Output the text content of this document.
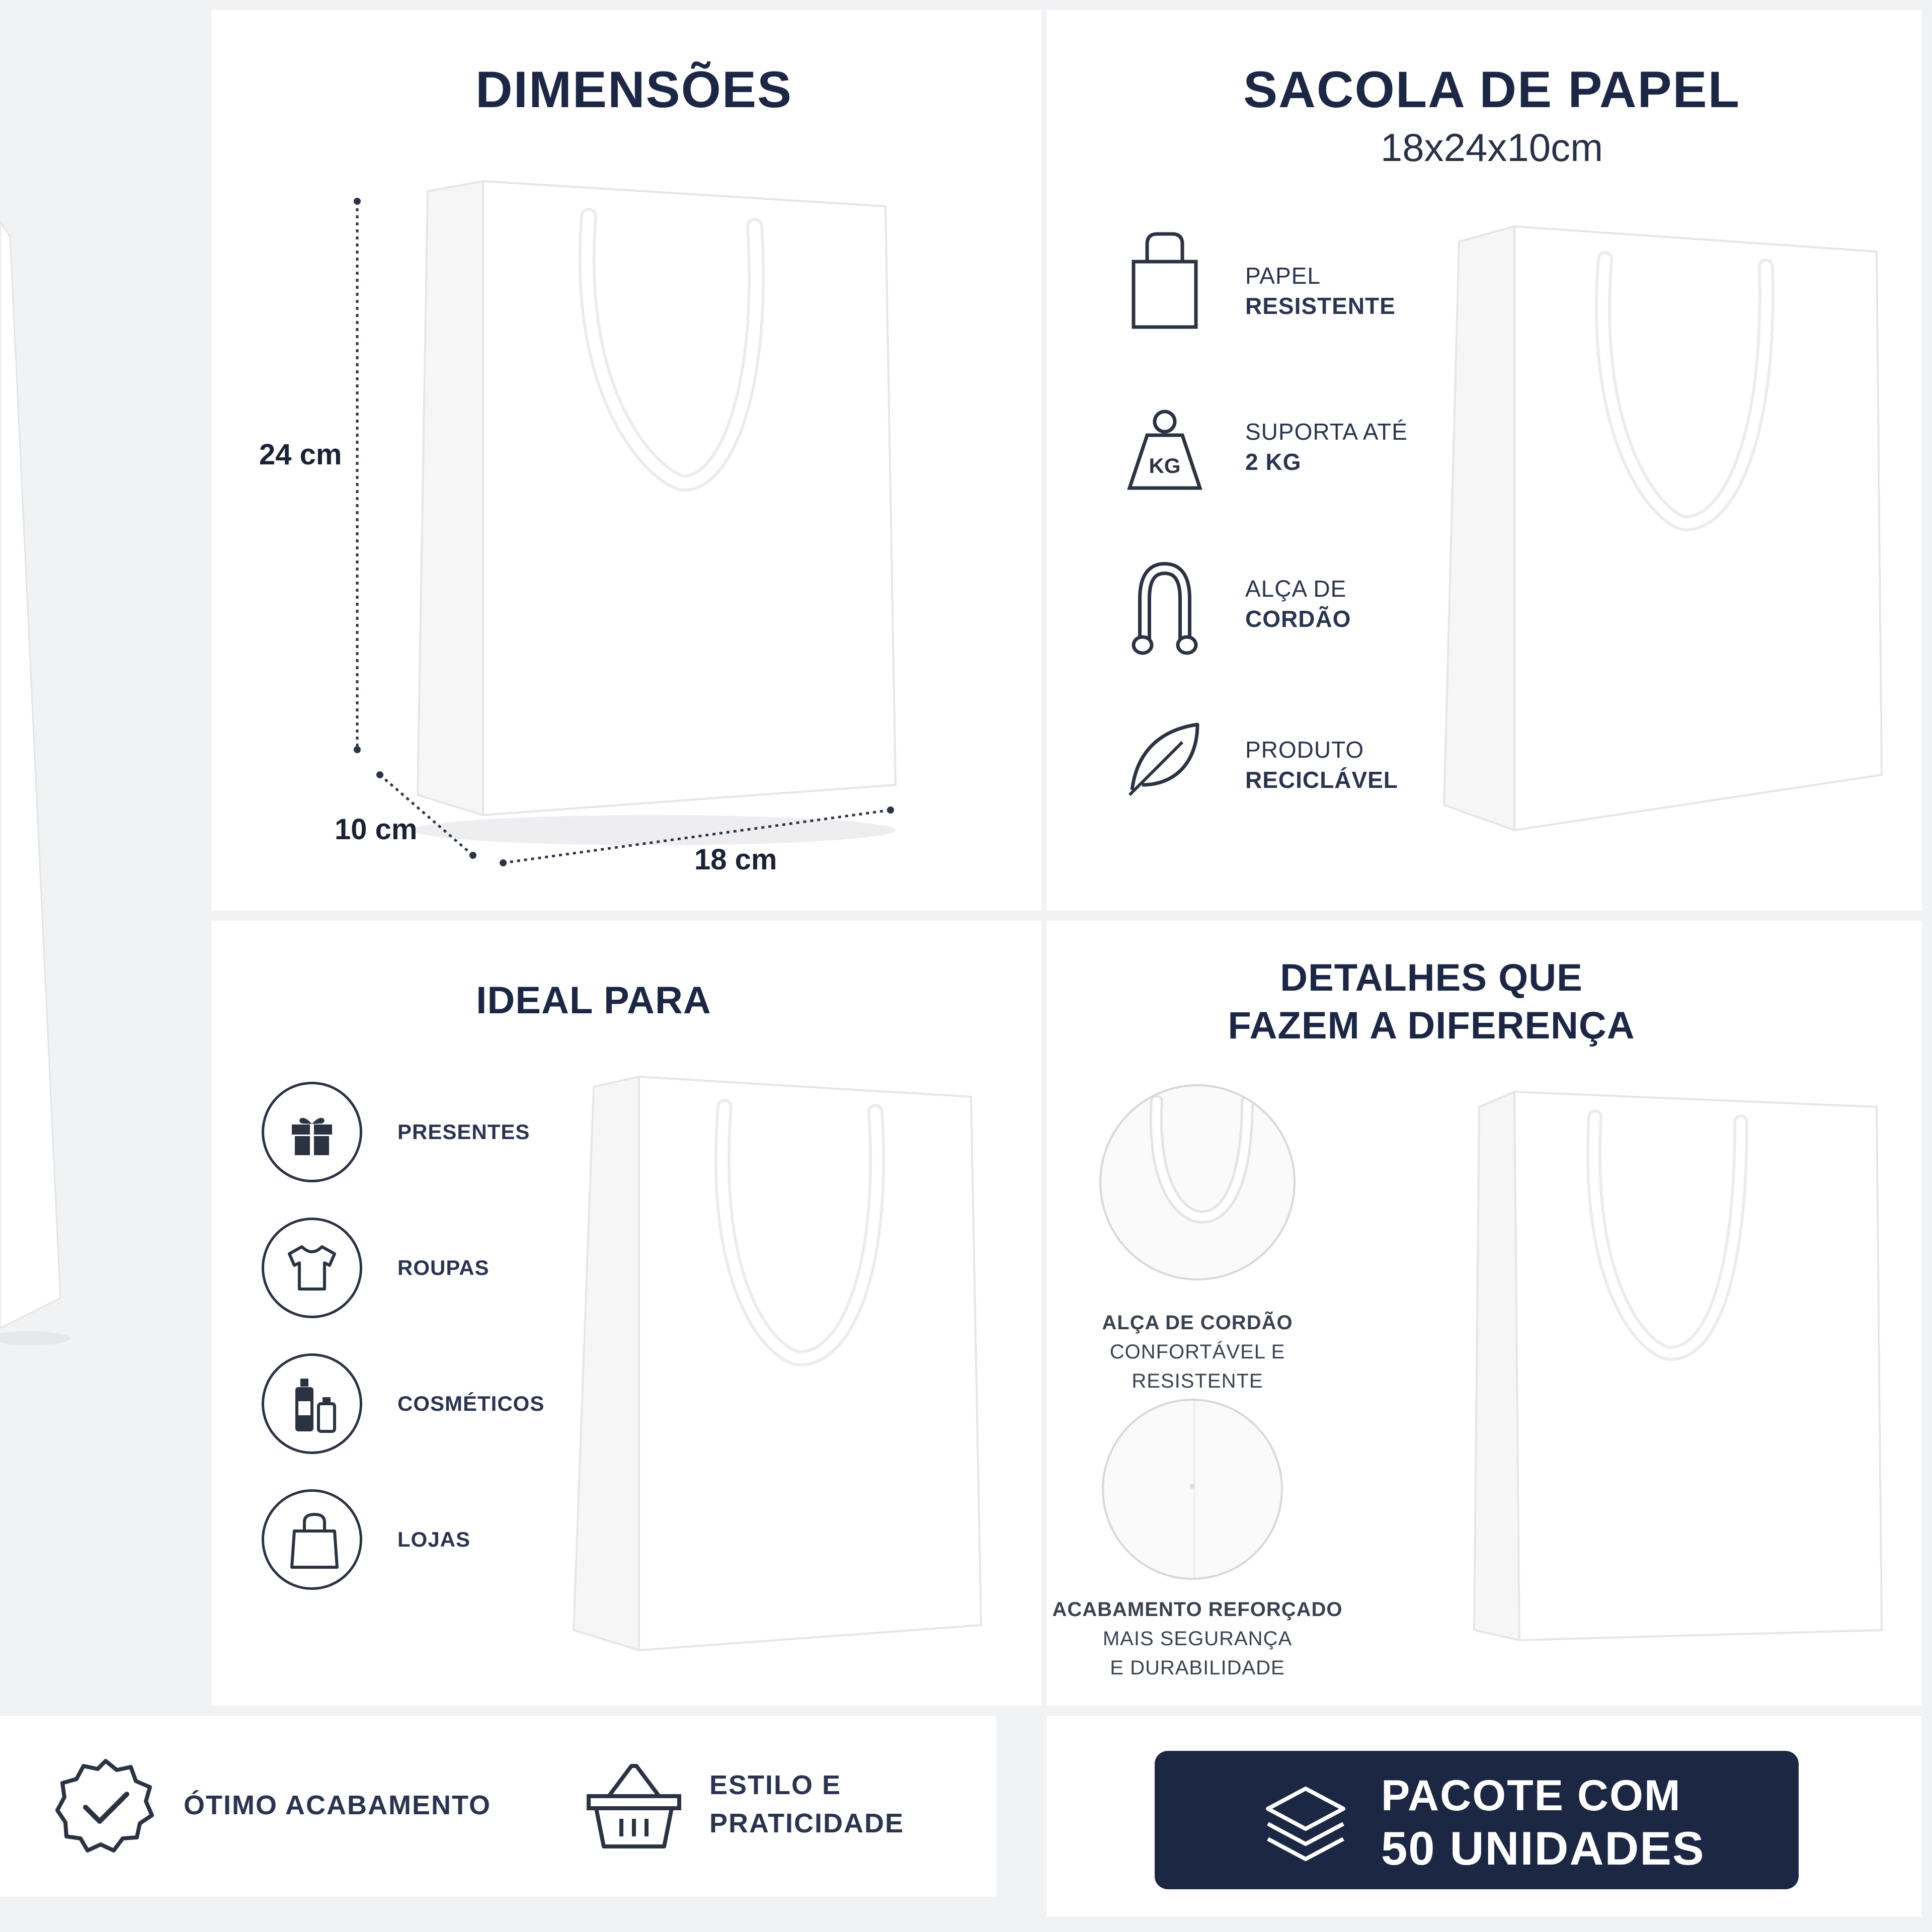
DIMENSÕES
24 cm
10 cm
18 cm
SACOLA DE PAPEL
18x24x10cm
PAPEL
RESISTENTE
KG
SUPORTA ATÉ
2 KG
ALÇA DE
CORDÃO
PRODUTO
RECICLÁVEL
IDEAL PARA
PRESENTES
ROUPAS
COSMÉTICOS
LOJAS
DETALHES QUE
FAZEM A DIFERENÇA
ALÇA DE CORDÃO
CONFORTÁVEL E RESISTENTE
ACABAMENTO REFORÇADO
MAIS SEGURANÇA
E DURABILIDADE
ÓTIMO ACABAMENTO
ESTILO E
PRATICIDADE
PACOTE COM
50 UNIDADES
